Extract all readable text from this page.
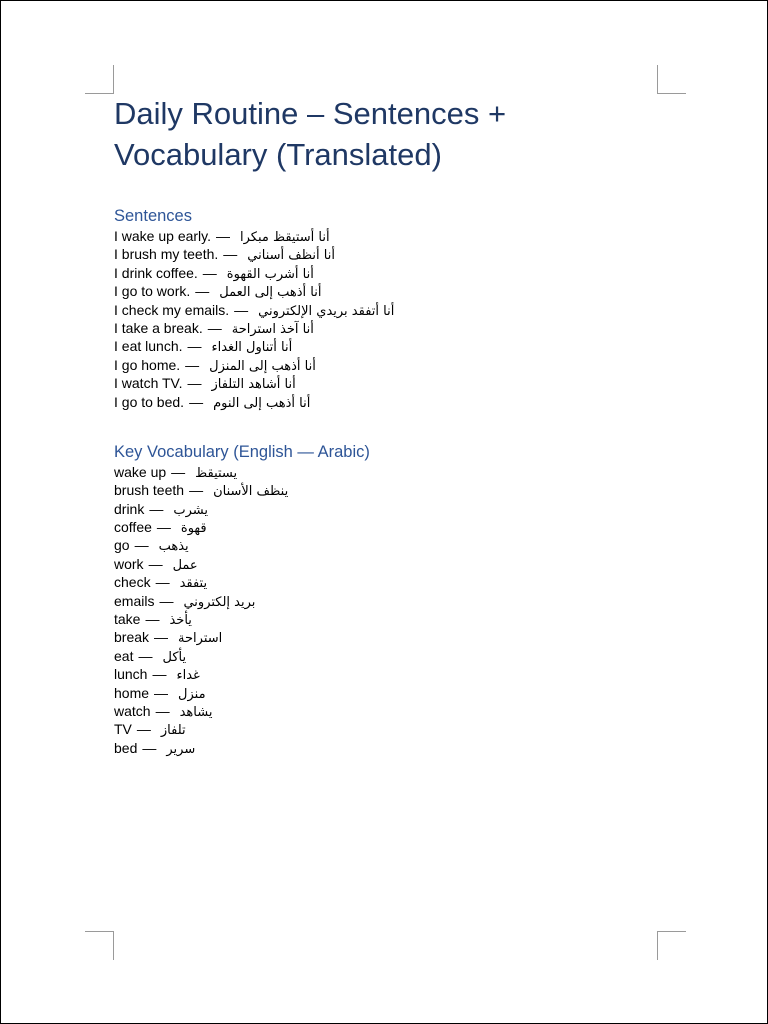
Daily Routine – Sentences + Vocabulary (Translated)
Sentences
I wake up early. — أنا أستيقظ مبكرا
I brush my teeth. — أنا أنظف أسناني
I drink coffee. — أنا أشرب القهوة
I go to work. — أنا أذهب إلى العمل
I check my emails. — أنا أتفقد بريدي الإلكتروني
I take a break. — أنا آخذ استراحة
I eat lunch. — أنا أتناول الغداء
I go home. — أنا أذهب إلى المنزل
I watch TV. — أنا أشاهد التلفاز
I go to bed. — أنا أذهب إلى النوم
Key Vocabulary (English — Arabic)
wake up — يستيقظ
brush teeth — ينظف الأسنان
drink — يشرب
coffee — قهوة
go — يذهب
work — عمل
check — يتفقد
emails — بريد إلكتروني
take — يأخذ
break — استراحة
eat — يأكل
lunch — غداء
home — منزل
watch — يشاهد
TV — تلفاز
bed — سرير
